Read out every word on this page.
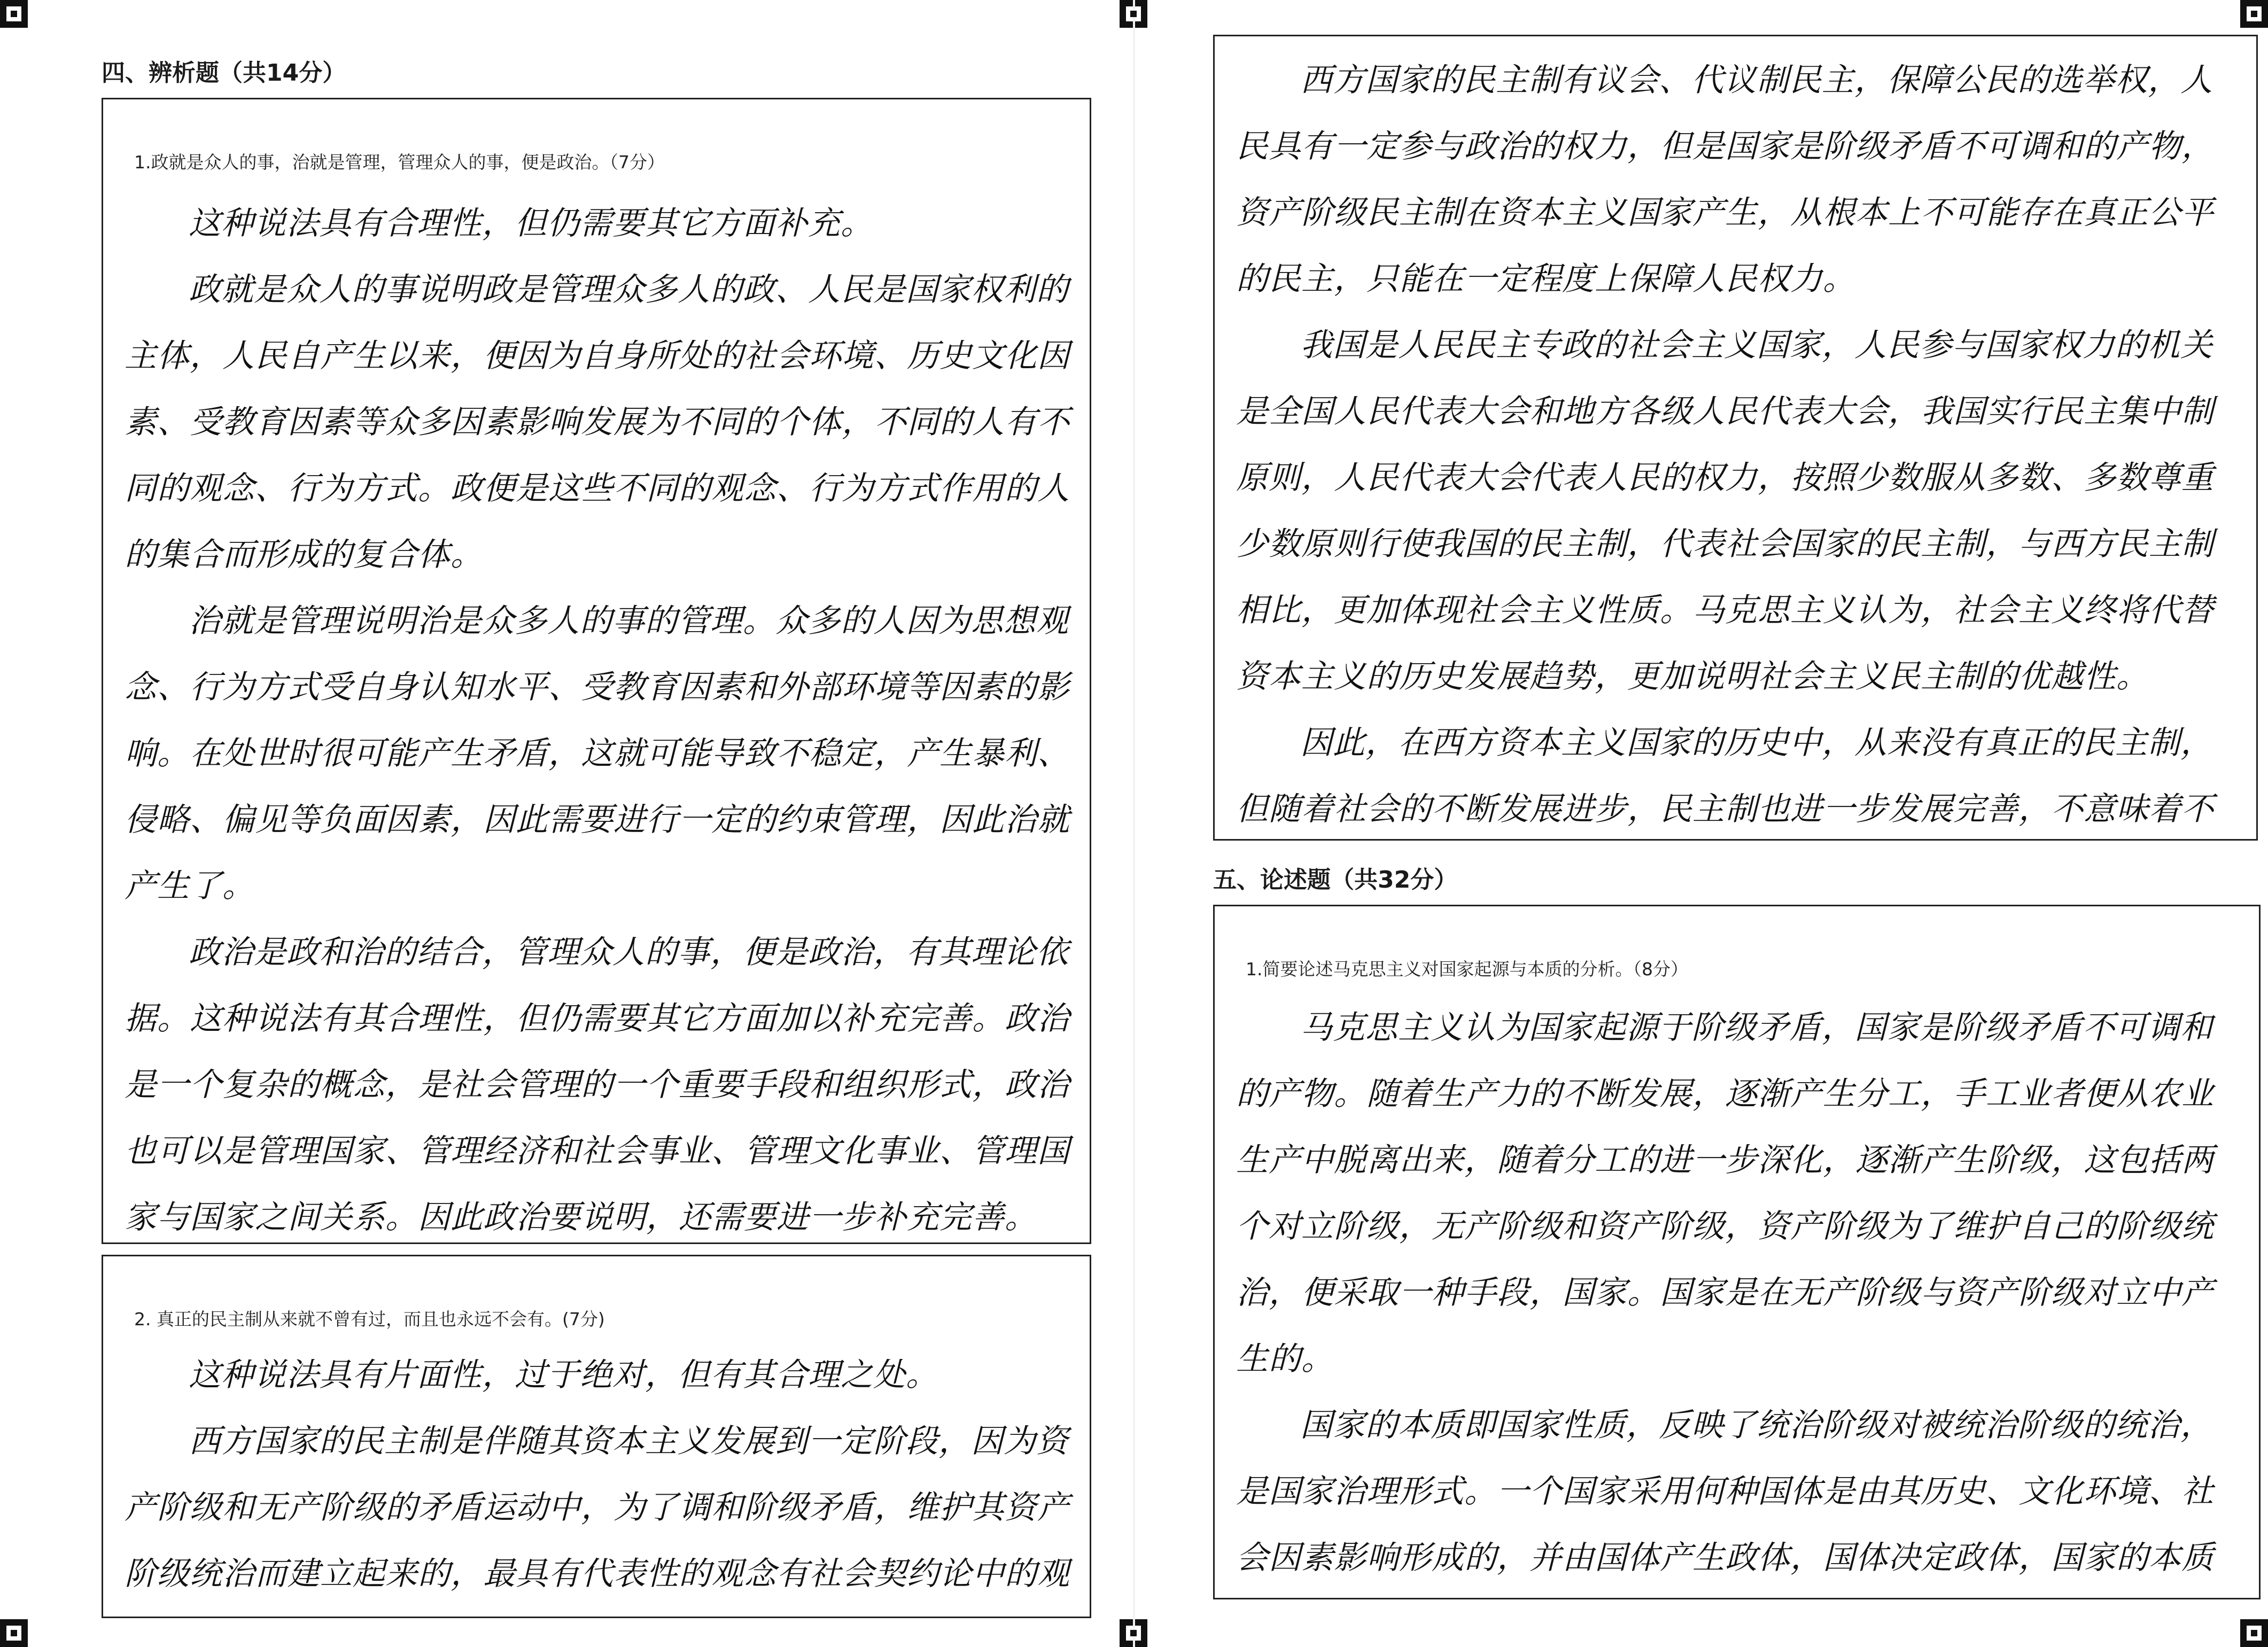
四、辨析题（共14分）
1.政就是众人的事，治就是管理，管理众人的事，便是政治。（7分）

这种说法具有合理性，但仍需要其它方面补充。

政就是众人的事说明政是管理众多人的政、人民是国家权利的主体，人民自产生以来，便因为自身所处的社会环境、历史文化因素、受教育因素等众多因素影响发展为不同的个体，不同的人有不同的观念、行为方式。政便是这些不同的观念、行为方式作用的人的集合而形成的复合体。

治就是管理说明治是众多人的事的管理。众多的人因为思想观念、行为方式受自身认知水平、受教育因素和外部环境等因素的影响。在处世时很可能产生矛盾，这就可能导致不稳定，产生暴利、侵略、偏见等负面因素，因此需要进行一定的约束管理，因此治就产生了。

政治是政和治的结合，管理众人的事，便是政治，有其理论依据。这种说法有其合理性，但仍需要其它方面加以补充完善。政治是一个复杂的概念，是社会管理的一个重要手段和组织形式，政治也可以是管理国家、管理经济和社会事业、管理文化事业、管理国家与国家之间关系。因此政治要说明，还需要进一步补充完善。

2. 真正的民主制从来就不曾有过，而且也永远不会有。(7分)

这种说法具有片面性，过于绝对，但有其合理之处。

西方国家的民主制是伴随其资本主义发展到一定阶段，因为资产阶级和无产阶级的矛盾运动中，为了调和阶级矛盾，维护其资产阶级统治而建立起来的，最具有代表性的观念有社会契约论中的观

西方国家的民主制有议会、代议制民主，保障公民的选举权，人民具有一定参与政治的权力，但是国家是阶级矛盾不可调和的产物，资产阶级民主制在资本主义国家产生，从根本上不可能存在真正公平的民主，只能在一定程度上保障人民权力。

我国是人民民主专政的社会主义国家，人民参与国家权力的机关是全国人民代表大会和地方各级人民代表大会，我国实行民主集中制原则，人民代表大会代表人民的权力，按照少数服从多数、多数尊重少数原则行使我国的民主制，代表社会国家的民主制，与西方民主制相比，更加体现社会主义性质。马克思主义认为，社会主义终将代替资本主义的历史发展趋势，更加说明社会主义民主制的优越性。

因此，在西方资本主义国家的历史中，从来没有真正的民主制，但随着社会的不断发展进步，民主制也进一步发展完善，不意味着不

五、论述题（共32分）
1.简要论述马克思主义对国家起源与本质的分析。（8分）

马克思主义认为国家起源于阶级矛盾，国家是阶级矛盾不可调和的产物。随着生产力的不断发展，逐渐产生分工，手工业者便从农业生产中脱离出来，随着分工的进一步深化，逐渐产生阶级，这包括两个对立阶级，无产阶级和资产阶级，资产阶级为了维护自己的阶级统治，便采取一种手段，国家。国家是在无产阶级与资产阶级对立中产生的。

国家的本质即国家性质，反映了统治阶级对被统治阶级的统治，是国家治理形式。一个国家采用何种国体是由其历史、文化环境、社会因素影响形成的，并由国体产生政体，国体决定政体，国家的本质
